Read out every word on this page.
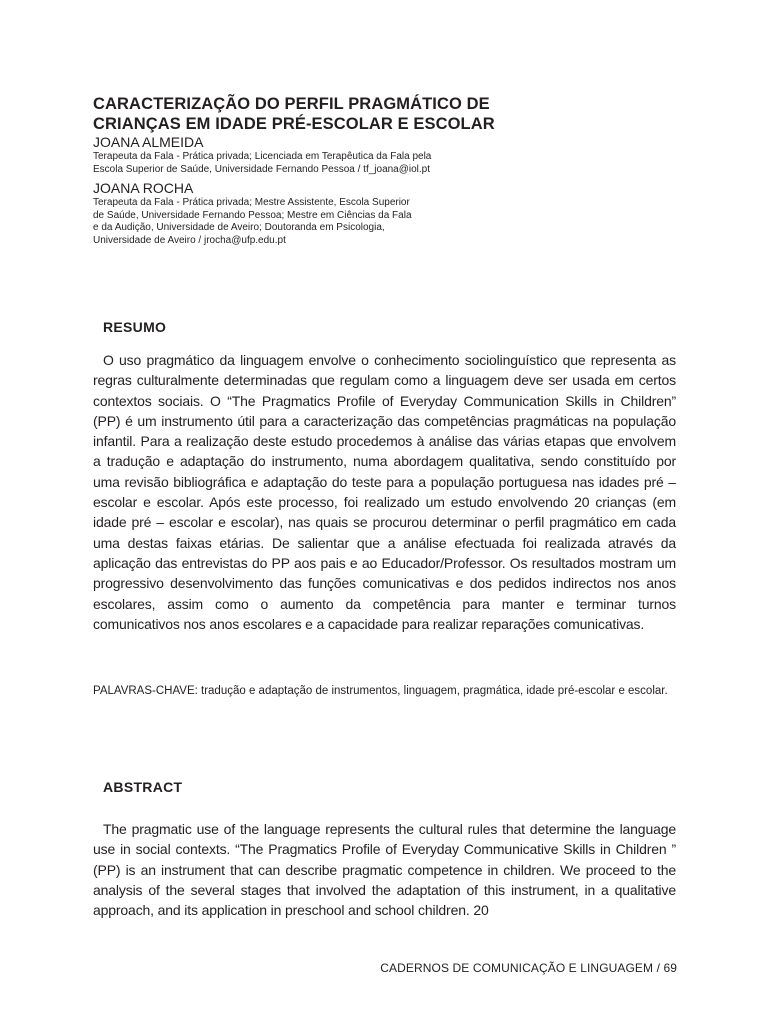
CARACTERIZAÇÃO DO PERFIL PRAGMÁTICO DE
CRIANÇAS EM IDADE PRÉ-ESCOLAR E ESCOLAR

JOANA ALMEIDA

Terapeuta da Fala - Prática privada; Licenciada em Terapêutica da Fala pela
Escola Superior de Saúde, Universidade Fernando Pessoa / tf_joana@iol.pt

JOANA ROCHA

Terapeuta da Fala - Prática privada; Mestre Assistente, Escola Superior
de Saúde, Universidade Fernando Pessoa; Mestre em Ciências da Fala
e da Audição, Universidade de Aveiro; Doutoranda em Psicologia,
Universidade de Aveiro / jrocha@ufp.edu.pt

RESUMO

O uso pragmático da linguagem envolve o conhecimento sociolinguístico que representa as regras culturalmente determinadas que regulam como a linguagem deve ser usada em certos contextos sociais. O “The Pragmatics Profile of Everyday Communication Skills in Children” (PP) é um instrumento útil para a caracterização das competências pragmáticas na população infantil. Para a realização deste estudo procedemos à análise das várias etapas que envolvem a tradução e adaptação do instrumento, numa abordagem qualitativa, sendo constituído por uma revisão bibliográfica e adaptação do teste para a população portuguesa nas idades pré – escolar e escolar. Após este processo, foi realizado um estudo envolvendo 20 crianças (em idade pré – escolar e escolar), nas quais se procurou determinar o perfil pragmático em cada uma destas faixas etárias. De salientar que a análise efectuada foi realizada através da aplicação das entrevistas do PP aos pais e ao Educador/Professor. Os resultados mostram um progressivo desenvolvimento das funções comunicativas e dos pedidos indirectos nos anos escolares, assim como o aumento da competência para manter e terminar turnos comunicativos nos anos escolares e a capacidade para realizar reparações comunicativas.

PALAVRAS-CHAVE: tradução e adaptação de instrumentos, linguagem, pragmática, idade pré-escolar e escolar.

ABSTRACT

The pragmatic use of the language represents the cultural rules that determine the language use in social contexts. “The Pragmatics Profile of Everyday Communicative Skills in Children ” (PP) is an instrument that can describe pragmatic competence in children. We proceed to the analysis of the several stages that involved the adaptation of this instrument, in a qualitative approach, and its application in preschool and school children. 20

CADERNOS DE COMUNICAÇÃO E LINGUAGEM / 69
